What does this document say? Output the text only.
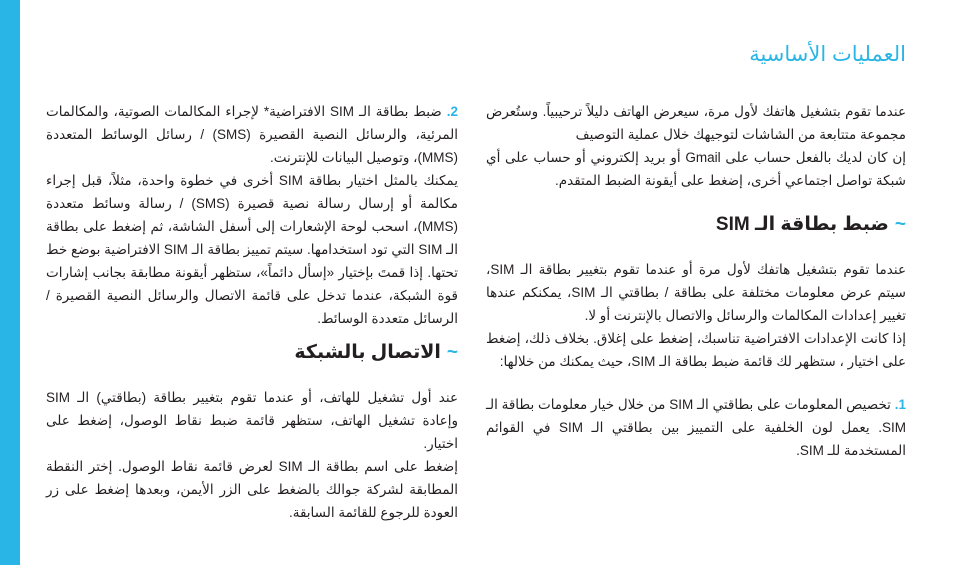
العمليات الأساسية

عندما تقوم بتشغيل هاتفك لأول مرة، سيعرض الهاتف دليلاً ترحيبياً. وستُعرض مجموعة متتابعة من الشاشات لتوجيهك خلال عملية التوصيف

إن كان لديك بالفعل حساب على Gmail أو بريد إلكتروني أو حساب على أي شبكة تواصل اجتماعي أخرى، إضغط على أيقونة الضبط المتقدم.

~ضبط بطاقة الـ SIM

عندما تقوم بتشغيل هاتفك لأول مرة أو عندما تقوم بتغيير بطاقة الـ SIM، سيتم عرض معلومات مختلفة على بطاقة / بطاقتي الـ SIM، يمكنكم عندها تغيير إعدادات المكالمات والرسائل والاتصال بالإنترنت أو لا.

إذا كانت الإعدادات الافتراضية تناسبك، إضغط على إغلاق. بخلاف ذلك، إضغط على اختيار ، ستظهر لك قائمة ضبط بطاقة الـ SIM، حيث يمكنك من خلالها:

1. تخصيص المعلومات على بطاقتي الـ SIM من خلال خيار معلومات بطاقة الـ SIM. يعمل لون الخلفية على التمييز بين بطاقتي الـ SIM في القوائم المستخدمة للـ SIM.

2. ضبط بطاقة الـ SIM الافتراضية* لإجراء المكالمات الصوتية، والمكالمات المرئية، والرسائل النصية القصيرة (SMS) / رسائل الوسائط المتعددة (MMS)، وتوصيل البيانات للإنترنت.

يمكنك بالمثل اختيار بطاقة SIM أخرى في خطوة واحدة، مثلاً، قبل إجراء مكالمة أو إرسال رسالة نصية قصيرة (SMS) / رسالة وسائط متعددة (MMS)، اسحب لوحة الإشعارات إلى أسفل الشاشة، ثم إضغط على بطاقة الـ SIM التي تود استخدامها. سيتم تمييز بطاقة الـ SIM الافتراضية بوضع خط تحتها. إذا قمتَ بإختيار «إسأل دائماً»، ستظهر أيقونة مطابقة بجانب إشارات قوة الشبكة، عندما تدخل على قائمة الاتصال والرسائل النصية القصيرة / الرسائل متعددة الوسائط.

~الاتصال بالشبكة

عند أول تشغيل للهاتف، أو عندما تقوم بتغيير بطاقة (بطاقتي) الـ SIM وإعادة تشغيل الهاتف، ستظهر قائمة ضبط نقاط الوصول، إضغط على اختيار.

إضغط على اسم بطاقة الـ SIM لعرض قائمة نقاط الوصول. إختر النقطة المطابقة لشركة جوالك بالضغط على الزر الأيمن، وبعدها إضغط على زر العودة للرجوع للقائمة السابقة.
